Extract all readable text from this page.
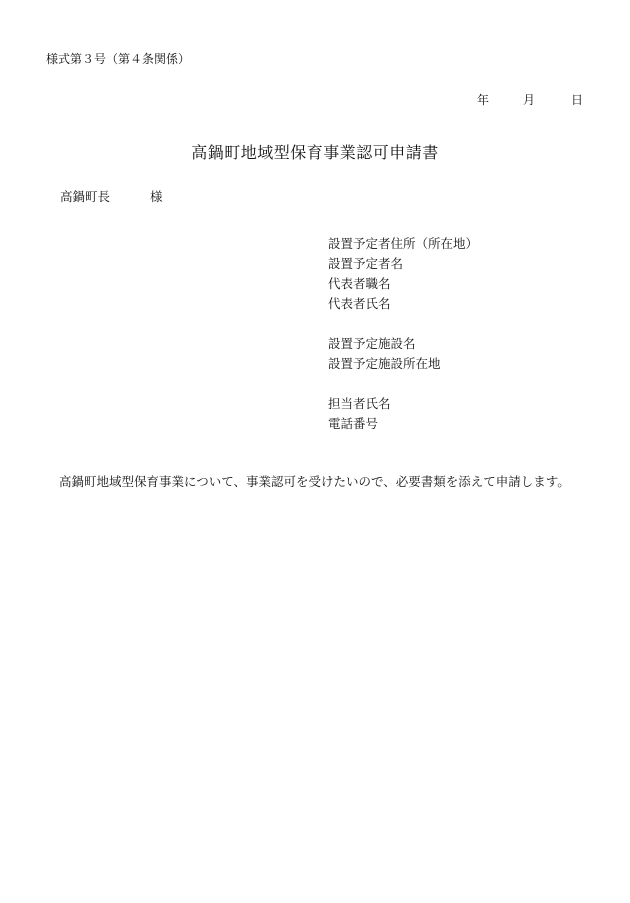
様式第３号（第４条関係）
年	月	日
高鍋町地域型保育事業認可申請書
高鍋町長	様
設置予定者住所（所在地）
設置予定者名
代表者職名
代表者氏名
設置予定施設名
設置予定施設所在地
担当者氏名
電話番号

高鍋町地域型保育事業について、事業認可を受けたいので、必要書類を添えて申請します。
